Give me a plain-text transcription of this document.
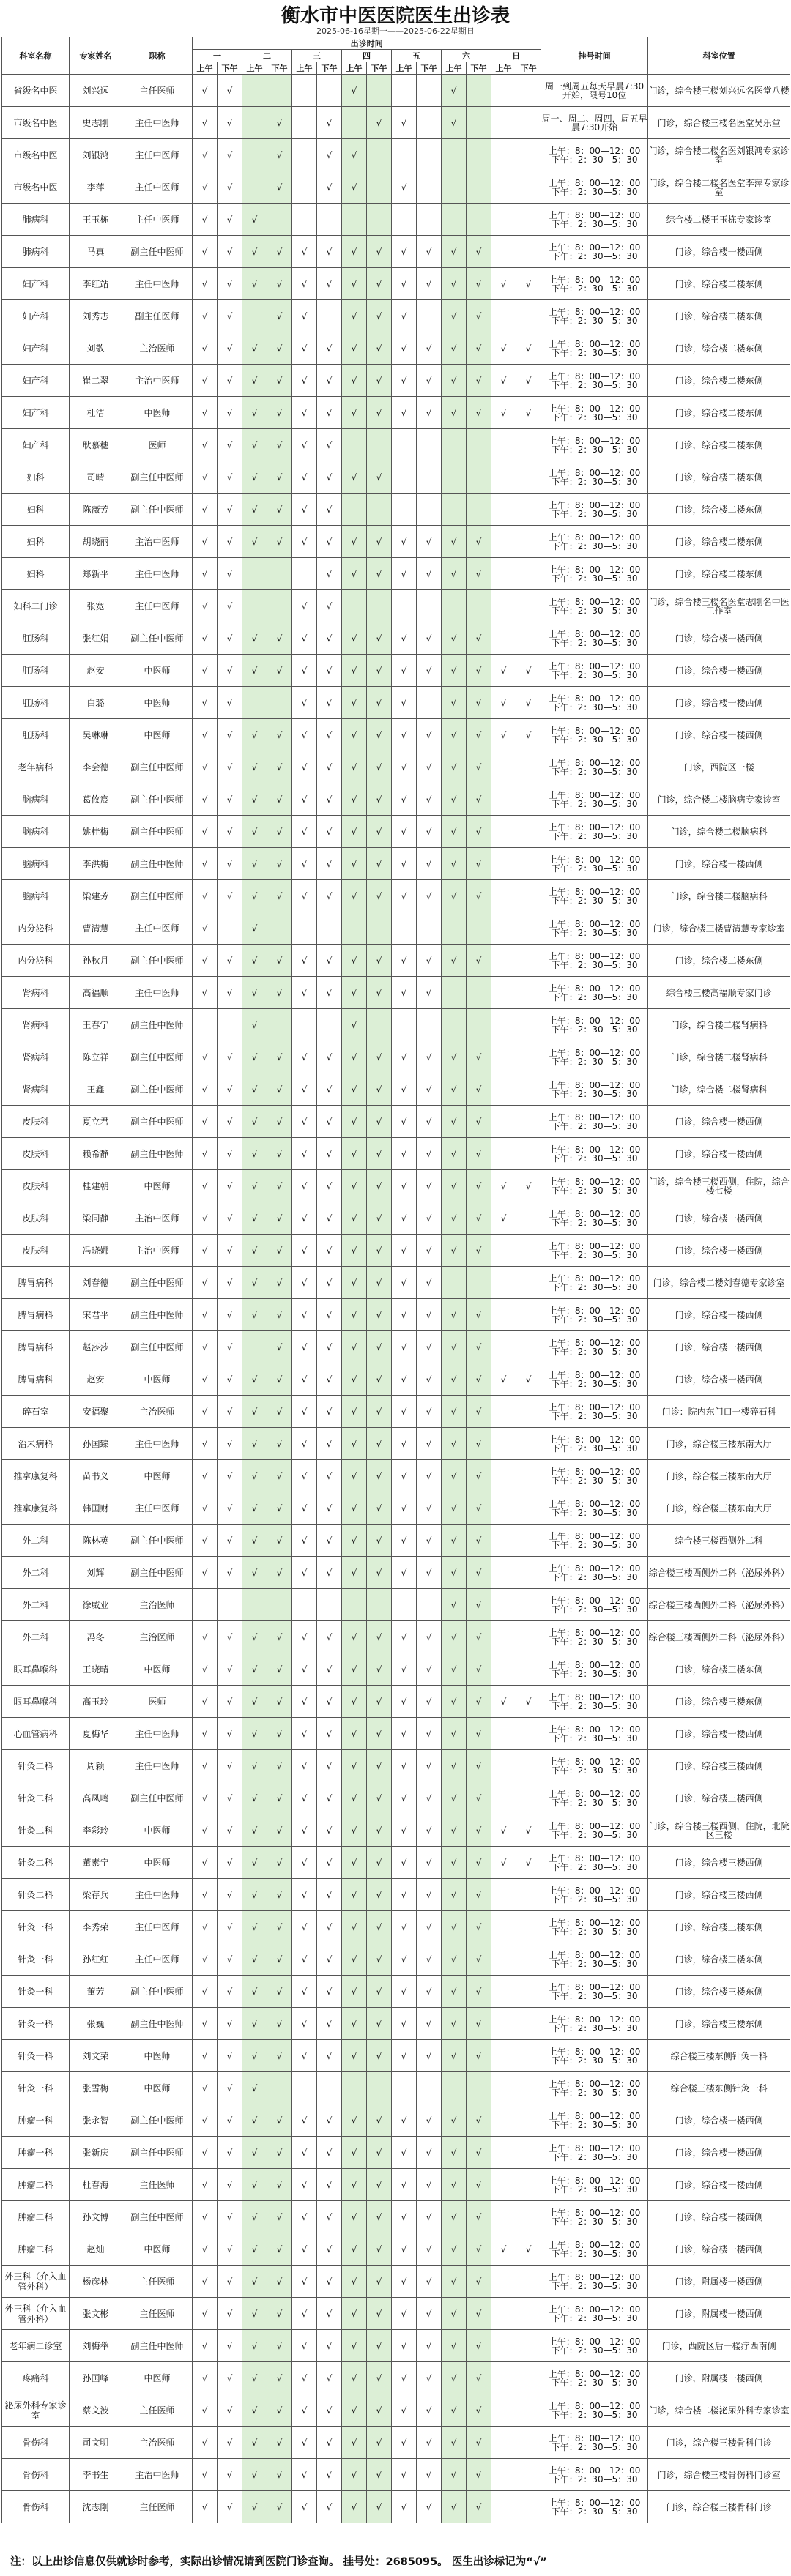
衡水市中医医院医生出诊表
2025-06-16星期一——2025-06-22星期日
科室名称	专家姓名	职称	出诊时间														挂号时间	科室位置
			一		二		三		四		五		六		日			
			上午	下午	上午	下午	上午	下午	上午	下午	上午	下午	上午	下午	上午	下午		
省级名中医	刘兴远	主任医师	√	√					√				√				周一到周五每天早晨7:30开始，限号10位	门诊，综合楼三楼刘兴远名医堂八楼
市级名中医	史志刚	主任中医师	√	√		√		√		√	√		√				周一、周二、周四，周五早晨7:30开始	门诊，综合楼三楼名医堂吴乐堂
市级名中医	刘银鸿	主任中医师	√	√		√		√	√								上午：8：00—12：00
下午：2：30—5：30	门诊，综合楼二楼名医刘银鸿专家诊室
市级名中医	李萍	主任中医师	√	√		√		√	√		√						上午：8：00—12：00
下午：2：30—5：30	门诊，综合楼二楼名医堂李萍专家诊室
肺病科	王玉栋	主任中医师	√	√	√												上午：8：00—12：00
下午：2：30—5：30	综合楼二楼王玉栋专家诊室
肺病科	马真	副主任中医师	√	√	√	√	√	√	√	√	√	√	√	√			上午：8：00—12：00
下午：2：30—5：30	门诊，综合楼一楼西侧
妇产科	李红站	主任中医师	√	√	√	√	√	√	√	√	√	√	√	√	√	√	上午：8：00—12：00
下午：2：30—5：30	门诊，综合楼二楼东侧
妇产科	刘秀志	副主任医师	√	√		√	√		√	√	√		√	√			上午：8：00—12：00
下午：2：30—5：30	门诊，综合楼二楼东侧
妇产科	刘敬	主治医师	√	√	√	√	√	√	√	√	√	√	√	√	√	√	上午：8：00—12：00
下午：2：30—5：30	门诊，综合楼二楼东侧
妇产科	崔二翠	主治中医师	√	√	√	√	√	√	√	√	√	√	√	√	√	√	上午：8：00—12：00
下午：2：30—5：30	门诊，综合楼二楼东侧
妇产科	杜洁	中医师	√	√	√	√	√	√	√	√	√	√	√	√	√	√	上午：8：00—12：00
下午：2：30—5：30	门诊，综合楼二楼东侧
妇产科	耿慕穗	医师	√	√	√	√	√	√									上午：8：00—12：00
下午：2：30—5：30	门诊，综合楼二楼东侧
妇科	司晴	副主任中医师	√	√	√	√	√	√	√	√							上午：8：00—12：00
下午：2：30—5：30	门诊，综合楼二楼东侧
妇科	陈薇芳	副主任中医师	√	√	√	√	√	√									上午：8：00—12：00
下午：2：30—5：30	门诊，综合楼二楼东侧
妇科	胡晓丽	主治中医师	√	√	√	√	√	√	√	√	√	√	√	√			上午：8：00—12：00
下午：2：30—5：30	门诊，综合楼二楼东侧
妇科	郑新平	主任中医师	√	√				√	√	√	√	√	√	√			上午：8：00—12：00
下午：2：30—5：30	门诊，综合楼二楼东侧
妇科二门诊	张宽	主任中医师	√	√			√	√									上午：8：00—12：00
下午：2：30—5：30	门诊，综合楼三楼名医堂志刚名中医工作室
肛肠科	张红娟	副主任中医师	√	√	√	√	√	√	√	√	√	√	√	√			上午：8：00—12：00
下午：2：30—5：30	门诊，综合楼一楼西侧
肛肠科	赵安	中医师	√	√	√	√	√	√	√	√	√	√	√	√	√	√	上午：8：00—12：00
下午：2：30—5：30	门诊，综合楼一楼西侧
肛肠科	白璐	中医师	√	√			√	√	√	√	√		√	√	√	√	上午：8：00—12：00
下午：2：30—5：30	门诊，综合楼一楼西侧
肛肠科	吴琳琳	中医师	√	√	√	√	√	√	√	√	√	√	√	√	√	√	上午：8：00—12：00
下午：2：30—5：30	门诊，综合楼一楼西侧
老年病科	李会德	副主任中医师	√	√	√	√	√	√	√	√	√	√	√	√			上午：8：00—12：00
下午：2：30—5：30	门诊，西院区一楼
脑病科	葛攸宸	副主任中医师	√	√	√	√	√	√	√	√	√	√	√	√			上午：8：00—12：00
下午：2：30—5：30	门诊，综合楼二楼脑病专家诊室
脑病科	姚桂梅	副主任中医师	√	√	√	√	√	√	√	√	√	√	√	√			上午：8：00—12：00
下午：2：30—5：30	门诊，综合楼二楼脑病科
脑病科	李洪梅	副主任中医师	√	√	√	√	√	√	√	√	√	√	√	√			上午：8：00—12：00
下午：2：30—5：30	门诊，综合楼一楼西侧
脑病科	梁建芳	副主任中医师	√	√	√	√	√	√	√	√	√	√	√	√			上午：8：00—12：00
下午：2：30—5：30	门诊，综合楼二楼脑病科
内分泌科	曹清慧	主任中医师	√		√												上午：8：00—12：00
下午：2：30—5：30	门诊，综合楼三楼曹清慧专家诊室
内分泌科	孙秋月	副主任中医师	√	√	√	√	√	√	√	√	√	√	√	√			上午：8：00—12：00
下午：2：30—5：30	门诊，综合楼二楼东侧
肾病科	高福顺	主任中医师	√	√	√	√	√	√	√	√	√	√					上午：8：00—12：00
下午：2：30—5：30	综合楼三楼高福顺专家门诊
肾病科	王春宁	副主任中医师			√				√								上午：8：00—12：00
下午：2：30—5：30	门诊，综合楼二楼肾病科
肾病科	陈立祥	副主任中医师	√	√	√	√	√	√	√	√	√	√	√	√			上午：8：00—12：00
下午：2：30—5：30	门诊，综合楼二楼肾病科
肾病科	王鑫	副主任中医师	√	√	√	√	√	√	√	√	√	√	√	√			上午：8：00—12：00
下午：2：30—5：30	门诊，综合楼二楼肾病科
皮肤科	夏立君	副主任中医师	√	√	√	√	√	√	√	√	√	√	√	√			上午：8：00—12：00
下午：2：30—5：30	门诊，综合楼一楼西侧
皮肤科	赖希静	副主任中医师	√	√	√	√	√	√	√	√	√	√	√	√			上午：8：00—12：00
下午：2：30—5：30	门诊，综合楼一楼西侧
皮肤科	桂建朝	中医师	√	√	√	√	√	√	√	√	√	√	√	√	√	√	上午：8：00—12：00
下午：2：30—5：30	门诊，综合楼三楼西侧，住院，综合楼七楼
皮肤科	梁同静	主治中医师	√	√	√	√	√	√	√	√	√	√	√	√	√		上午：8：00—12：00
下午：2：30—5：30	门诊，综合楼一楼西侧
皮肤科	冯晓娜	主治中医师	√	√	√	√	√	√	√	√	√	√	√	√			上午：8：00—12：00
下午：2：30—5：30	门诊，综合楼一楼西侧
脾胃病科	刘春德	副主任中医师	√	√	√	√	√	√	√	√	√	√					上午：8：00—12：00
下午：2：30—5：30	门诊，综合楼二楼刘春德专家诊室
脾胃病科	宋君平	副主任中医师	√	√	√	√	√	√	√	√	√	√	√	√			上午：8：00—12：00
下午：2：30—5：30	门诊，综合楼一楼西侧
脾胃病科	赵莎莎	副主任中医师	√	√		√	√	√	√	√	√	√	√	√			上午：8：00—12：00
下午：2：30—5：30	门诊，综合楼一楼西侧
脾胃病科	赵安	中医师	√	√	√	√	√	√	√	√	√	√	√	√	√	√	上午：8：00—12：00
下午：2：30—5：30	门诊，综合楼一楼西侧
碎石室	安福聚	主治医师	√	√	√	√	√	√	√	√	√	√	√	√			上午：8：00—12：00
下午：2：30—5：30	门诊：院内东门口一楼碎石科
治未病科	孙国臻	主任中医师	√	√	√	√	√	√	√	√	√	√	√	√			上午：8：00—12：00
下午：2：30—5：30	门诊，综合楼三楼东南大厅
推拿康复科	苗书义	中医师	√	√	√	√	√	√	√	√	√	√	√	√			上午：8：00—12：00
下午：2：30—5：30	门诊，综合楼三楼东南大厅
推拿康复科	韩国财	主任中医师	√	√	√	√	√	√	√	√	√	√	√	√			上午：8：00—12：00
下午：2：30—5：30	门诊，综合楼三楼东南大厅
外二科	陈林英	副主任中医师	√	√	√	√	√	√	√	√	√	√	√	√			上午：8：00—12：00
下午：2：30—5：30	综合楼三楼西侧外二科
外二科	刘辉	副主任中医师	√	√	√	√	√	√	√	√	√	√	√	√			上午：8：00—12：00
下午：2：30—5：30	综合楼三楼西侧外二科（泌尿外科）
外二科	徐威业	主治医师											√	√			上午：8：00—12：00
下午：2：30—5：30	综合楼三楼西侧外二科（泌尿外科）
外二科	冯冬	主治医师	√	√	√	√	√	√	√	√	√	√	√	√			上午：8：00—12：00
下午：2：30—5：30	综合楼三楼西侧外二科（泌尿外科）
眼耳鼻喉科	王晓晴	中医师	√	√	√	√	√	√	√	√	√	√	√	√			上午：8：00—12：00
下午：2：30—5：30	门诊，综合楼三楼东侧
眼耳鼻喉科	高玉玲	医师	√	√	√	√	√	√	√	√	√	√	√	√	√	√	上午：8：00—12：00
下午：2：30—5：30	门诊，综合楼三楼东侧
心血管病科	夏梅华	主任中医师	√	√	√	√	√	√	√	√	√	√	√	√			上午：8：00—12：00
下午：2：30—5：30	门诊，综合楼一楼西侧
针灸二科	周颖	主任中医师	√	√	√	√	√	√	√	√	√	√	√	√			上午：8：00—12：00
下午：2：30—5：30	门诊，综合楼三楼西侧
针灸二科	高凤鸣	副主任中医师	√	√	√	√	√	√	√	√	√	√	√	√			上午：8：00—12：00
下午：2：30—5：30	门诊，综合楼三楼西侧
针灸二科	李彩玲	中医师	√	√	√	√	√	√	√	√	√	√	√	√	√	√	上午：8：00—12：00
下午：2：30—5：30	门诊，综合楼三楼西侧，住院，北院区三楼
针灸二科	董素宁	中医师	√	√	√	√	√	√	√	√	√	√	√	√	√	√	上午：8：00—12：00
下午：2：30—5：30	门诊，综合楼三楼西侧
针灸二科	梁存兵	主任中医师	√	√	√	√	√	√	√	√	√	√	√	√			上午：8：00—12：00
下午：2：30—5：30	门诊，综合楼三楼西侧
针灸一科	李秀荣	主任中医师	√	√	√	√	√	√	√	√	√	√	√	√			上午：8：00—12：00
下午：2：30—5：30	门诊，综合楼三楼东侧
针灸一科	孙红红	主任中医师	√	√	√	√	√	√	√	√	√	√	√	√			上午：8：00—12：00
下午：2：30—5：30	门诊，综合楼三楼东侧
针灸一科	董芳	副主任中医师	√	√	√	√	√	√	√	√	√	√	√	√			上午：8：00—12：00
下午：2：30—5：30	门诊，综合楼三楼东侧
针灸一科	张巍	副主任中医师	√	√	√	√	√	√	√	√	√	√	√	√			上午：8：00—12：00
下午：2：30—5：30	门诊，综合楼三楼东侧
针灸一科	刘文荣	中医师	√	√	√	√	√	√	√	√	√	√	√	√			上午：8：00—12：00
下午：2：30—5：30	综合楼三楼东侧针灸一科
针灸一科	张雪梅	中医师	√	√	√												上午：8：00—12：00
下午：2：30—5：30	综合楼三楼东侧针灸一科
肿瘤一科	张永智	副主任中医师	√	√	√	√	√	√	√	√	√	√	√	√			上午：8：00—12：00
下午：2：30—5：30	门诊，综合楼一楼西侧
肿瘤一科	张新庆	副主任中医师	√	√	√	√	√	√	√	√	√	√	√	√			上午：8：00—12：00
下午：2：30—5：30	门诊，综合楼一楼西侧
肿瘤二科	杜春海	主任医师	√	√	√	√	√	√	√	√	√	√	√	√			上午：8：00—12：00
下午：2：30—5：30	门诊，综合楼一楼西侧
肿瘤二科	孙文博	副主任中医师	√	√	√	√	√	√	√	√	√	√	√	√			上午：8：00—12：00
下午：2：30—5：30	门诊，综合楼一楼西侧
肿瘤二科	赵灿	中医师	√	√	√	√	√	√	√	√	√	√	√	√	√	√	上午：8：00—12：00
下午：2：30—5：30	门诊，综合楼一楼西侧
外三科（介入血管外科）	杨彦林	主任医师	√	√	√	√	√	√	√	√	√	√	√	√			上午：8：00—12：00
下午：2：30—5：30	门诊，附属楼一楼西侧
外三科（介入血管外科）	张文彬	主任医师	√	√	√	√	√	√	√	√	√	√	√	√			上午：8：00—12：00
下午：2：30—5：30	门诊，附属楼一楼西侧
老年病二诊室	刘梅举	副主任中医师	√	√	√	√	√	√	√	√	√	√	√	√			上午：8：00—12：00
下午：2：30—5：30	门诊，西院区后一楼疗西南侧
疼痛科	孙国峰	中医师	√	√	√	√	√	√	√	√	√	√	√	√			上午：8：00—12：00
下午：2：30—5：30	门诊，附属楼一楼西侧
泌尿外科专家诊室	蔡文波	主任医师	√	√	√	√	√	√	√	√	√	√	√	√			上午：8：00—12：00
下午：2：30—5：30	门诊，综合楼二楼泌尿外科专家诊室
骨伤科	司文明	主治医师	√	√	√	√	√	√	√	√	√	√	√	√			上午：8：00—12：00
下午：2：30—5：30	门诊，综合楼三楼骨科门诊
骨伤科	李书生	主治中医师	√	√	√	√	√	√	√	√	√	√	√	√			上午：8：00—12：00
下午：2：30—5：30	门诊，综合楼三楼骨伤科门诊室
骨伤科	沈志刚	主任医师	√	√	√	√	√	√	√	√	√	√	√	√			上午：8：00—12：00
下午：2：30—5：30	门诊，综合楼三楼骨科门诊
注：以上出诊信息仅供就诊时参考，实际出诊情况请到医院门诊查询。 挂号处：2685095。 医生出诊标记为“√”
